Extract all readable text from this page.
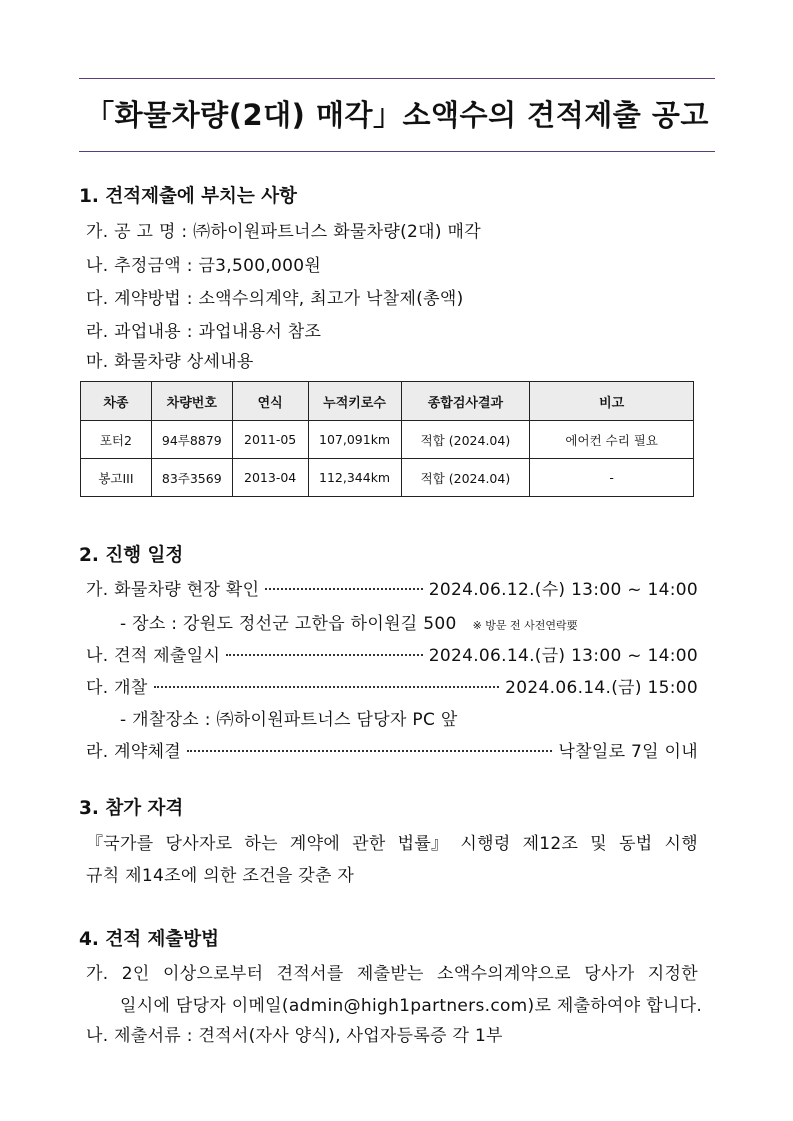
「화물차량(2대) 매각」소액수의 견적제출 공고
1. 견적제출에 부치는 사항
가. 공 고 명 : ㈜하이원파트너스 화물차량(2대) 매각
나. 추정금액 : 금3,500,000원
다. 계약방법 : 소액수의계약, 최고가 낙찰제(총액)
라. 과업내용 : 과업내용서 참조
마. 화물차량 상세내용
차종	차량번호	연식	누적키로수	종합검사결과	비고
포터2	94루8879	2011-05	107,091km	적합 (2024.04)	에어컨 수리 필요
봉고III	83주3569	2013-04	112,344km	적합 (2024.04)	-
2. 진행 일정
가. 화물차량 현장 확인	2024.06.12.(수) 13:00 ~ 14:00
- 장소 : 강원도 정선군 고한읍 하이원길 500 ※ 방문 전 사전연락要
나. 견적 제출일시	2024.06.14.(금) 13:00 ~ 14:00
다. 개찰	2024.06.14.(금) 15:00
- 개찰장소 : ㈜하이원파트너스 담당자 PC 앞
라. 계약체결	낙찰일로 7일 이내
3. 참가 자격
『국가를 당사자로 하는 계약에 관한 법률』 시행령 제12조 및 동법 시행
규칙 제14조에 의한 조건을 갖춘 자
4. 견적 제출방법
가. 2인 이상으로부터 견적서를 제출받는 소액수의계약으로 당사가 지정한
일시에 담당자 이메일(admin@high1partners.com)로 제출하여야 합니다.
나. 제출서류 : 견적서(자사 양식), 사업자등록증 각 1부
